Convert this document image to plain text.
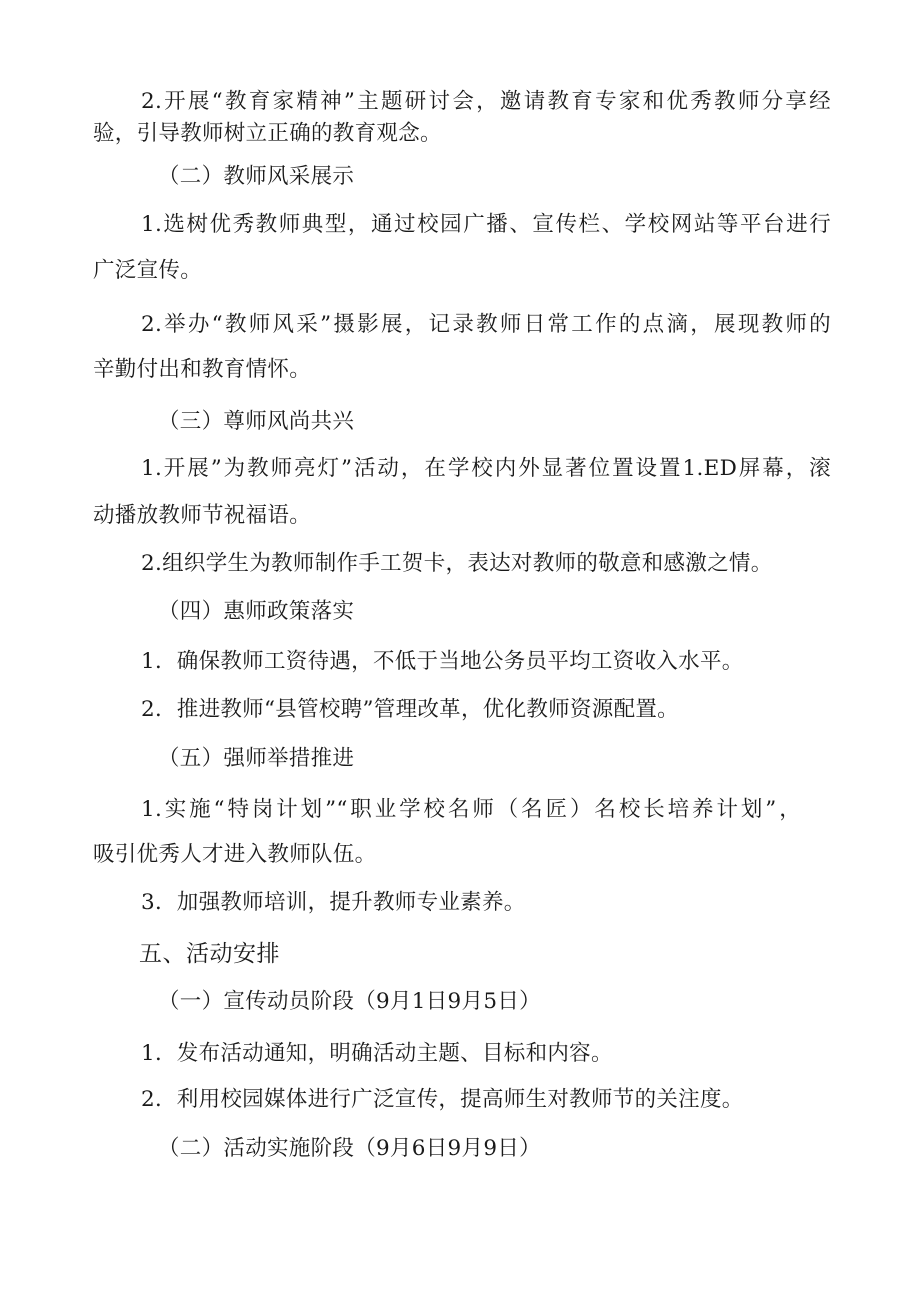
2.开展“教育家精神”主题研讨会，邀请教育专家和优秀教师分享经
验，引导教师树立正确的教育观念。
（二）教师风采展示
1.选树优秀教师典型，通过校园广播、宣传栏、学校网站等平台进行
广泛宣传。
2.举办“教师风采”摄影展，记录教师日常工作的点滴，展现教师的
辛勤付出和教育情怀。
（三）尊师风尚共兴
1.开展”为教师亮灯”活动，在学校内外显著位置设置1.ED屏幕，滚
动播放教师节祝福语。
2.组织学生为教师制作手工贺卡，表达对教师的敬意和感激之情。
（四）惠师政策落实
1．确保教师工资待遇，不低于当地公务员平均工资收入水平。
2．推进教师“县管校聘”管理改革，优化教师资源配置。
（五）强师举措推进
1.实施“特岗计划”“职业学校名师（名匠）名校长培养计划”，
吸引优秀人才进入教师队伍。
3．加强教师培训，提升教师专业素养。
五、活动安排
（一）宣传动员阶段（9月1日9月5日）
1．发布活动通知，明确活动主题、目标和内容。
2．利用校园媒体进行广泛宣传，提高师生对教师节的关注度。
（二）活动实施阶段（9月6日9月9日）
